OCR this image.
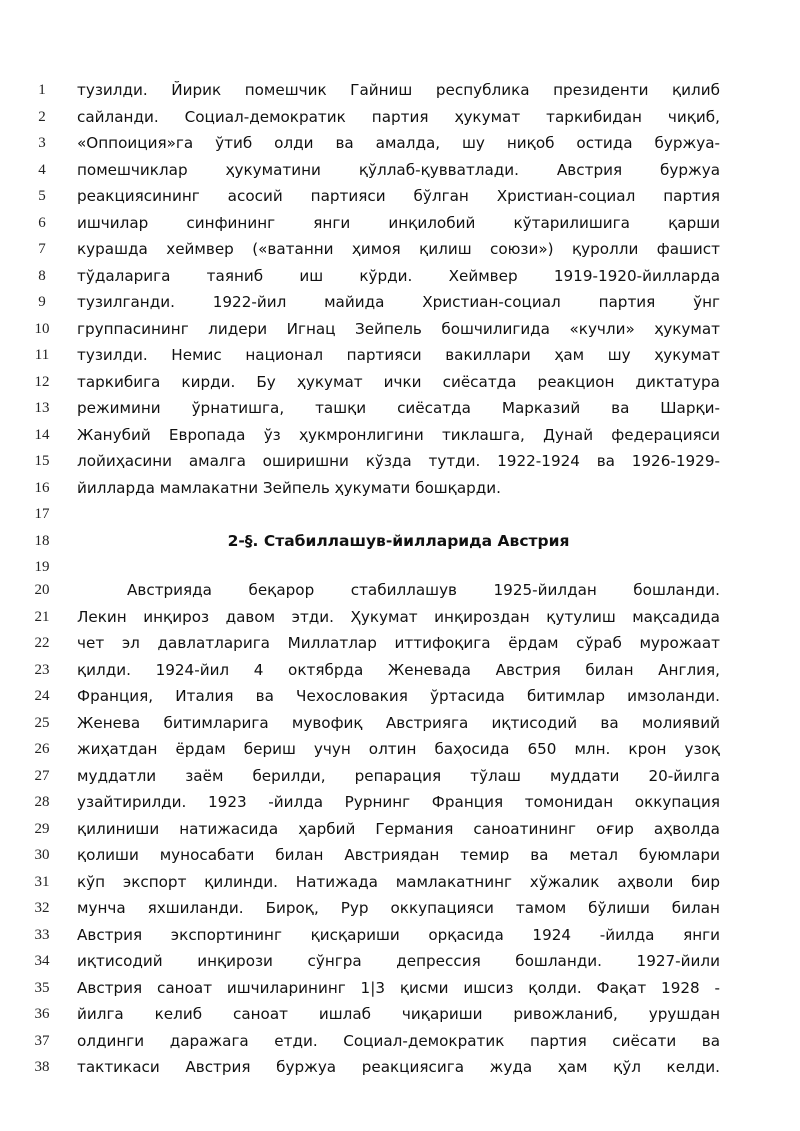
1	тузилди. Йирик помешчик Гайниш республика президенти қилиб
2	сайланди. Социал-демократик партия ҳукумат таркибидан чиқиб,
3	«Оппоиция»га ўтиб олди ва амалда, шу ниқоб остида буржуа-
4	помешчиклар ҳукуматини қўллаб-қувватлади. Австрия буржуа
5	реакциясининг асосий партияси бўлган Христиан-социал партия
6	ишчилар синфининг янги инқилобий кўтарилишига қарши
7	курашда хеймвер («ватанни ҳимоя қилиш союзи») қуролли фашист
8	тўдаларига таяниб иш кўрди. Хеймвер 1919-1920-йилларда
9	тузилганди. 1922-йил майида Христиан-социал партия ўнг
10	группасининг лидери Игнац Зейпель бошчилигида «кучли» ҳукумат
11	тузилди. Немис национал партияси вакиллари ҳам шу ҳукумат
12	таркибига кирди. Бу ҳукумат ички сиёсатда реакцион диктатура
13	режимини ўрнатишга, ташқи сиёсатда Марказий ва Шарқи-
14	Жанубий Европада ўз ҳукмронлигини тиклашга, Дунай федерацияси
15	лойиҳасини амалга оширишни кўзда тутди. 1922-1924 ва 1926-1929-
16	йилларда мамлакатни Зейпель ҳукумати бошқарди.
17
18	2-§. Стабиллашув-йилларида Австрия
19
20	Австрияда беқарор стабиллашув 1925-йилдан бошланди.
21	Лекин инқироз давом этди. Ҳукумат инқироздан қутулиш мақсадида
22	чет эл давлатларига Миллатлар иттифоқига ёрдам сўраб мурожаат
23	қилди. 1924-йил 4 октябрда Женевада Австрия билан Англия,
24	Франция, Италия ва Чехословакия ўртасида битимлар имзоланди.
25	Женева битимларига мувофиқ Австрияга иқтисодий ва молиявий
26	жиҳатдан ёрдам бериш учун олтин баҳосида 650 млн. крон узоқ
27	муддатли заём берилди, репарация тўлаш муддати 20-йилга
28	узайтирилди. 1923 -йилда Рурнинг Франция томонидан оккупация
29	қилиниши натижасида ҳарбий Германия саноатининг оғир аҳволда
30	қолиши муносабати билан Австриядан темир ва метал буюмлари
31	кўп экспорт қилинди. Натижада мамлакатнинг хўжалик аҳволи бир
32	мунча яхшиланди. Бироқ, Рур оккупацияси тамом бўлиши билан
33	Австрия экспортининг қисқариши орқасида 1924 -йилда янги
34	иқтисодий инқирози сўнгра депрессия бошланди. 1927-йили
35	Австрия саноат ишчиларининг 1|3 қисми ишсиз қолди. Фақат 1928 -
36	йилга келиб саноат ишлаб чиқариши ривожланиб, урушдан
37	олдинги даражага етди. Социал-демократик партия сиёсати ва
38	тактикаси Австрия буржуа реакциясига жуда ҳам қўл келди.
